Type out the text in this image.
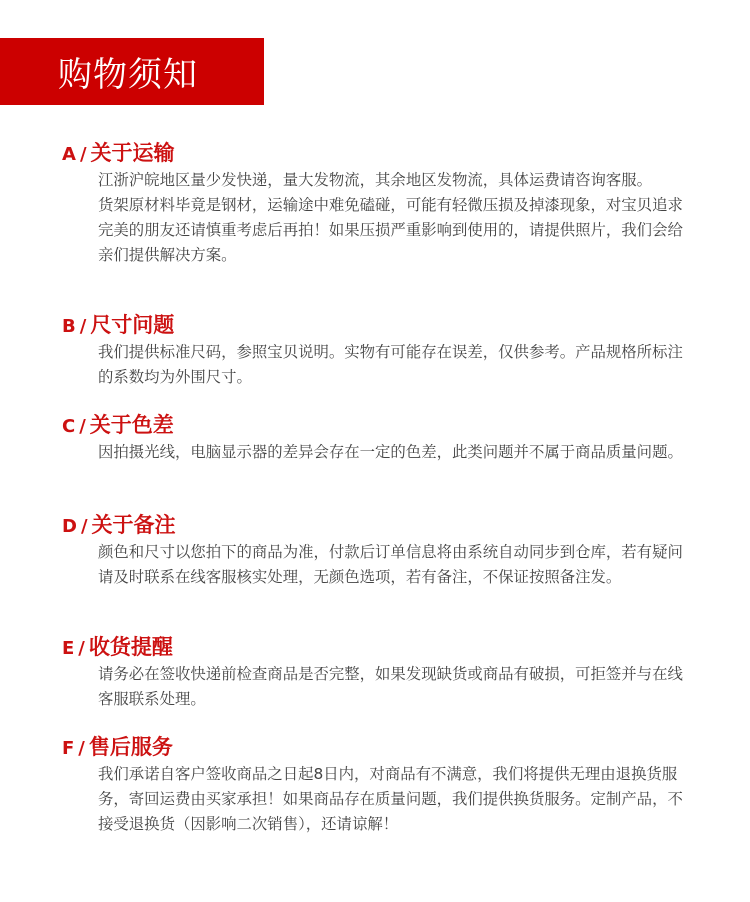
购物须知
A / 关于运输

江浙沪皖地区量少发快递，量大发物流，其余地区发物流，具体运费请咨询客服。

货架原材料毕竟是钢材，运输途中难免磕碰，可能有轻微压损及掉漆现象，对宝贝追求完美的朋友还请慎重考虑后再拍！如果压损严重影响到使用的，请提供照片，我们会给亲们提供解决方案。

B / 尺寸问题

我们提供标准尺码，参照宝贝说明。实物有可能存在误差，仅供参考。产品规格所标注的系数均为外围尺寸。

C / 关于色差

因拍摄光线，电脑显示器的差异会存在一定的色差，此类问题并不属于商品质量问题。

D / 关于备注

颜色和尺寸以您拍下的商品为准，付款后订单信息将由系统自动同步到仓库，若有疑问请及时联系在线客服核实处理，无颜色选项，若有备注，不保证按照备注发。

E / 收货提醒

请务必在签收快递前检查商品是否完整，如果发现缺货或商品有破损，可拒签并与在线客服联系处理。

F / 售后服务

我们承诺自客户签收商品之日起8日内，对商品有不满意，我们将提供无理由退换货服务，寄回运费由买家承担！如果商品存在质量问题，我们提供换货服务。定制产品，不接受退换货（因影响二次销售），还请谅解！
